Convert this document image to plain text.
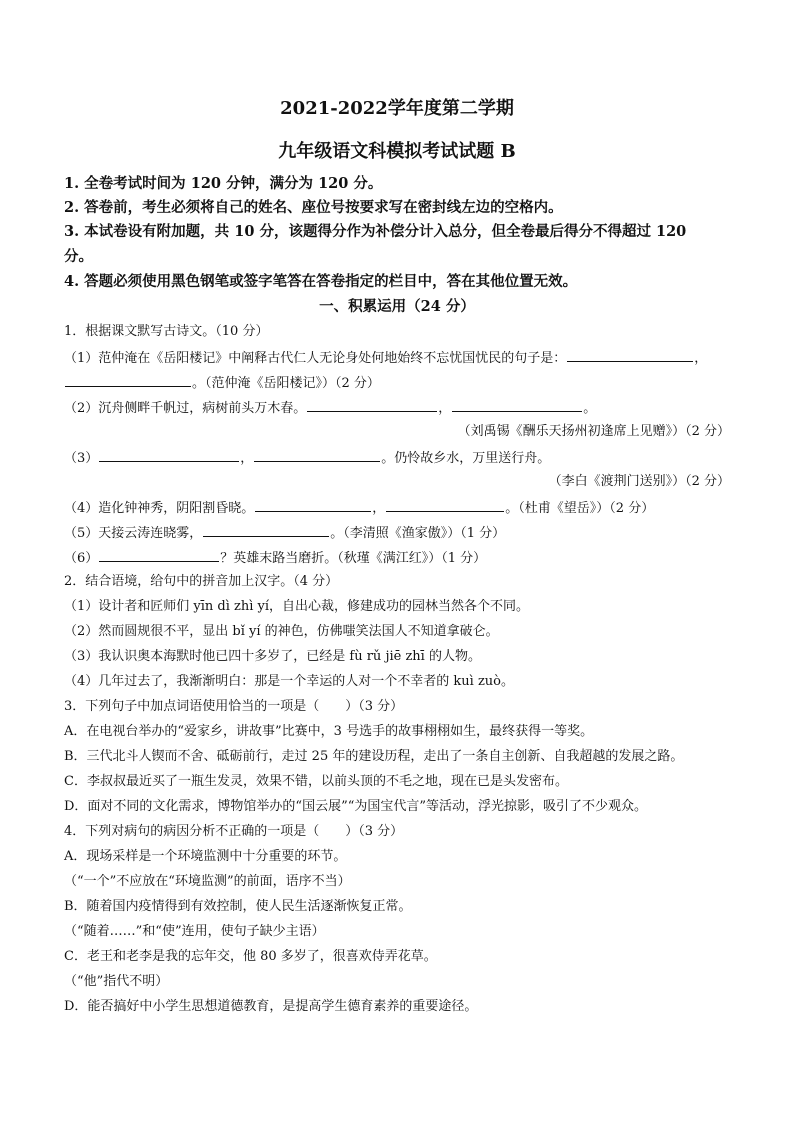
2021-2022学年度第二学期
九年级语文科模拟考试试题 B
1. 全卷考试时间为 120 分钟，满分为 120 分。
2. 答卷前，考生必须将自己的姓名、座位号按要求写在密封线左边的空格内。
3. 本试卷设有附加题，共 10 分，该题得分作为补偿分计入总分，但全卷最后得分不得超过 120
分。
4. 答题必须使用黑色钢笔或签字笔答在答卷指定的栏目中，答在其他位置无效。
一、积累运用（24 分）
1．根据课文默写古诗文。（10 分）
（1）范仲淹在《岳阳楼记》中阐释古代仁人无论身处何地始终不忘忧国忧民的句子是：	，
。（范仲淹《岳阳楼记》）（2 分）
（2）沉舟侧畔千帆过，病树前头万木春。	，	。
（刘禹锡《酬乐天扬州初逢席上见赠》）（2 分）
（3）	，	。仍怜故乡水，万里送行舟。
（李白《渡荆门送别》）（2 分）
（4）造化钟神秀，阴阳割昏晓。	，	。（杜甫《望岳》）（2 分）
（5）天接云涛连晓雾，	。（李清照《渔家傲》）（1 分）
（6）	？英雄末路当磨折。（秋瑾《满江红》）（1 分）
2．结合语境，给句中的拼音加上汉字。（4 分）
（1）设计者和匠师们 yīn dì zhì yí，自出心裁，修建成功的园林当然各个不同。
（2）然而圆规很不平，显出 bǐ yí 的神色，仿佛嗤笑法国人不知道拿破仑。
（3）我认识奥本海默时他已四十多岁了，已经是 fù rǔ jiē zhī 的人物。
（4）几年过去了，我渐渐明白：那是一个幸运的人对一个不幸者的 kuì zuò。
3．下列句子中加点词语使用恰当的一项是（　　）（3 分）
A．在电视台举办的“爱家乡，讲故事”比赛中，3 号选手的故事栩栩如生，最终获得一等奖。
B．三代北斗人锲而不舍、砥砺前行，走过 25 年的建设历程，走出了一条自主创新、自我超越的发展之路。
C．李叔叔最近买了一瓶生发灵，效果不错，以前头顶的不毛之地，现在已是头发密布。
D．面对不同的文化需求，博物馆举办的“国云展”“为国宝代言”等活动，浮光掠影，吸引了不少观众。
4．下列对病句的病因分析不正确的一项是（　　）（3 分）
A．现场采样是一个环境监测中十分重要的环节。
（“一个”不应放在“环境监测”的前面，语序不当）
B．随着国内疫情得到有效控制，使人民生活逐渐恢复正常。
（“随着……”和“使”连用，使句子缺少主语）
C．老王和老李是我的忘年交，他 80 多岁了，很喜欢侍弄花草。
（“他”指代不明）
D．能否搞好中小学生思想道德教育，是提高学生德育素养的重要途径。
